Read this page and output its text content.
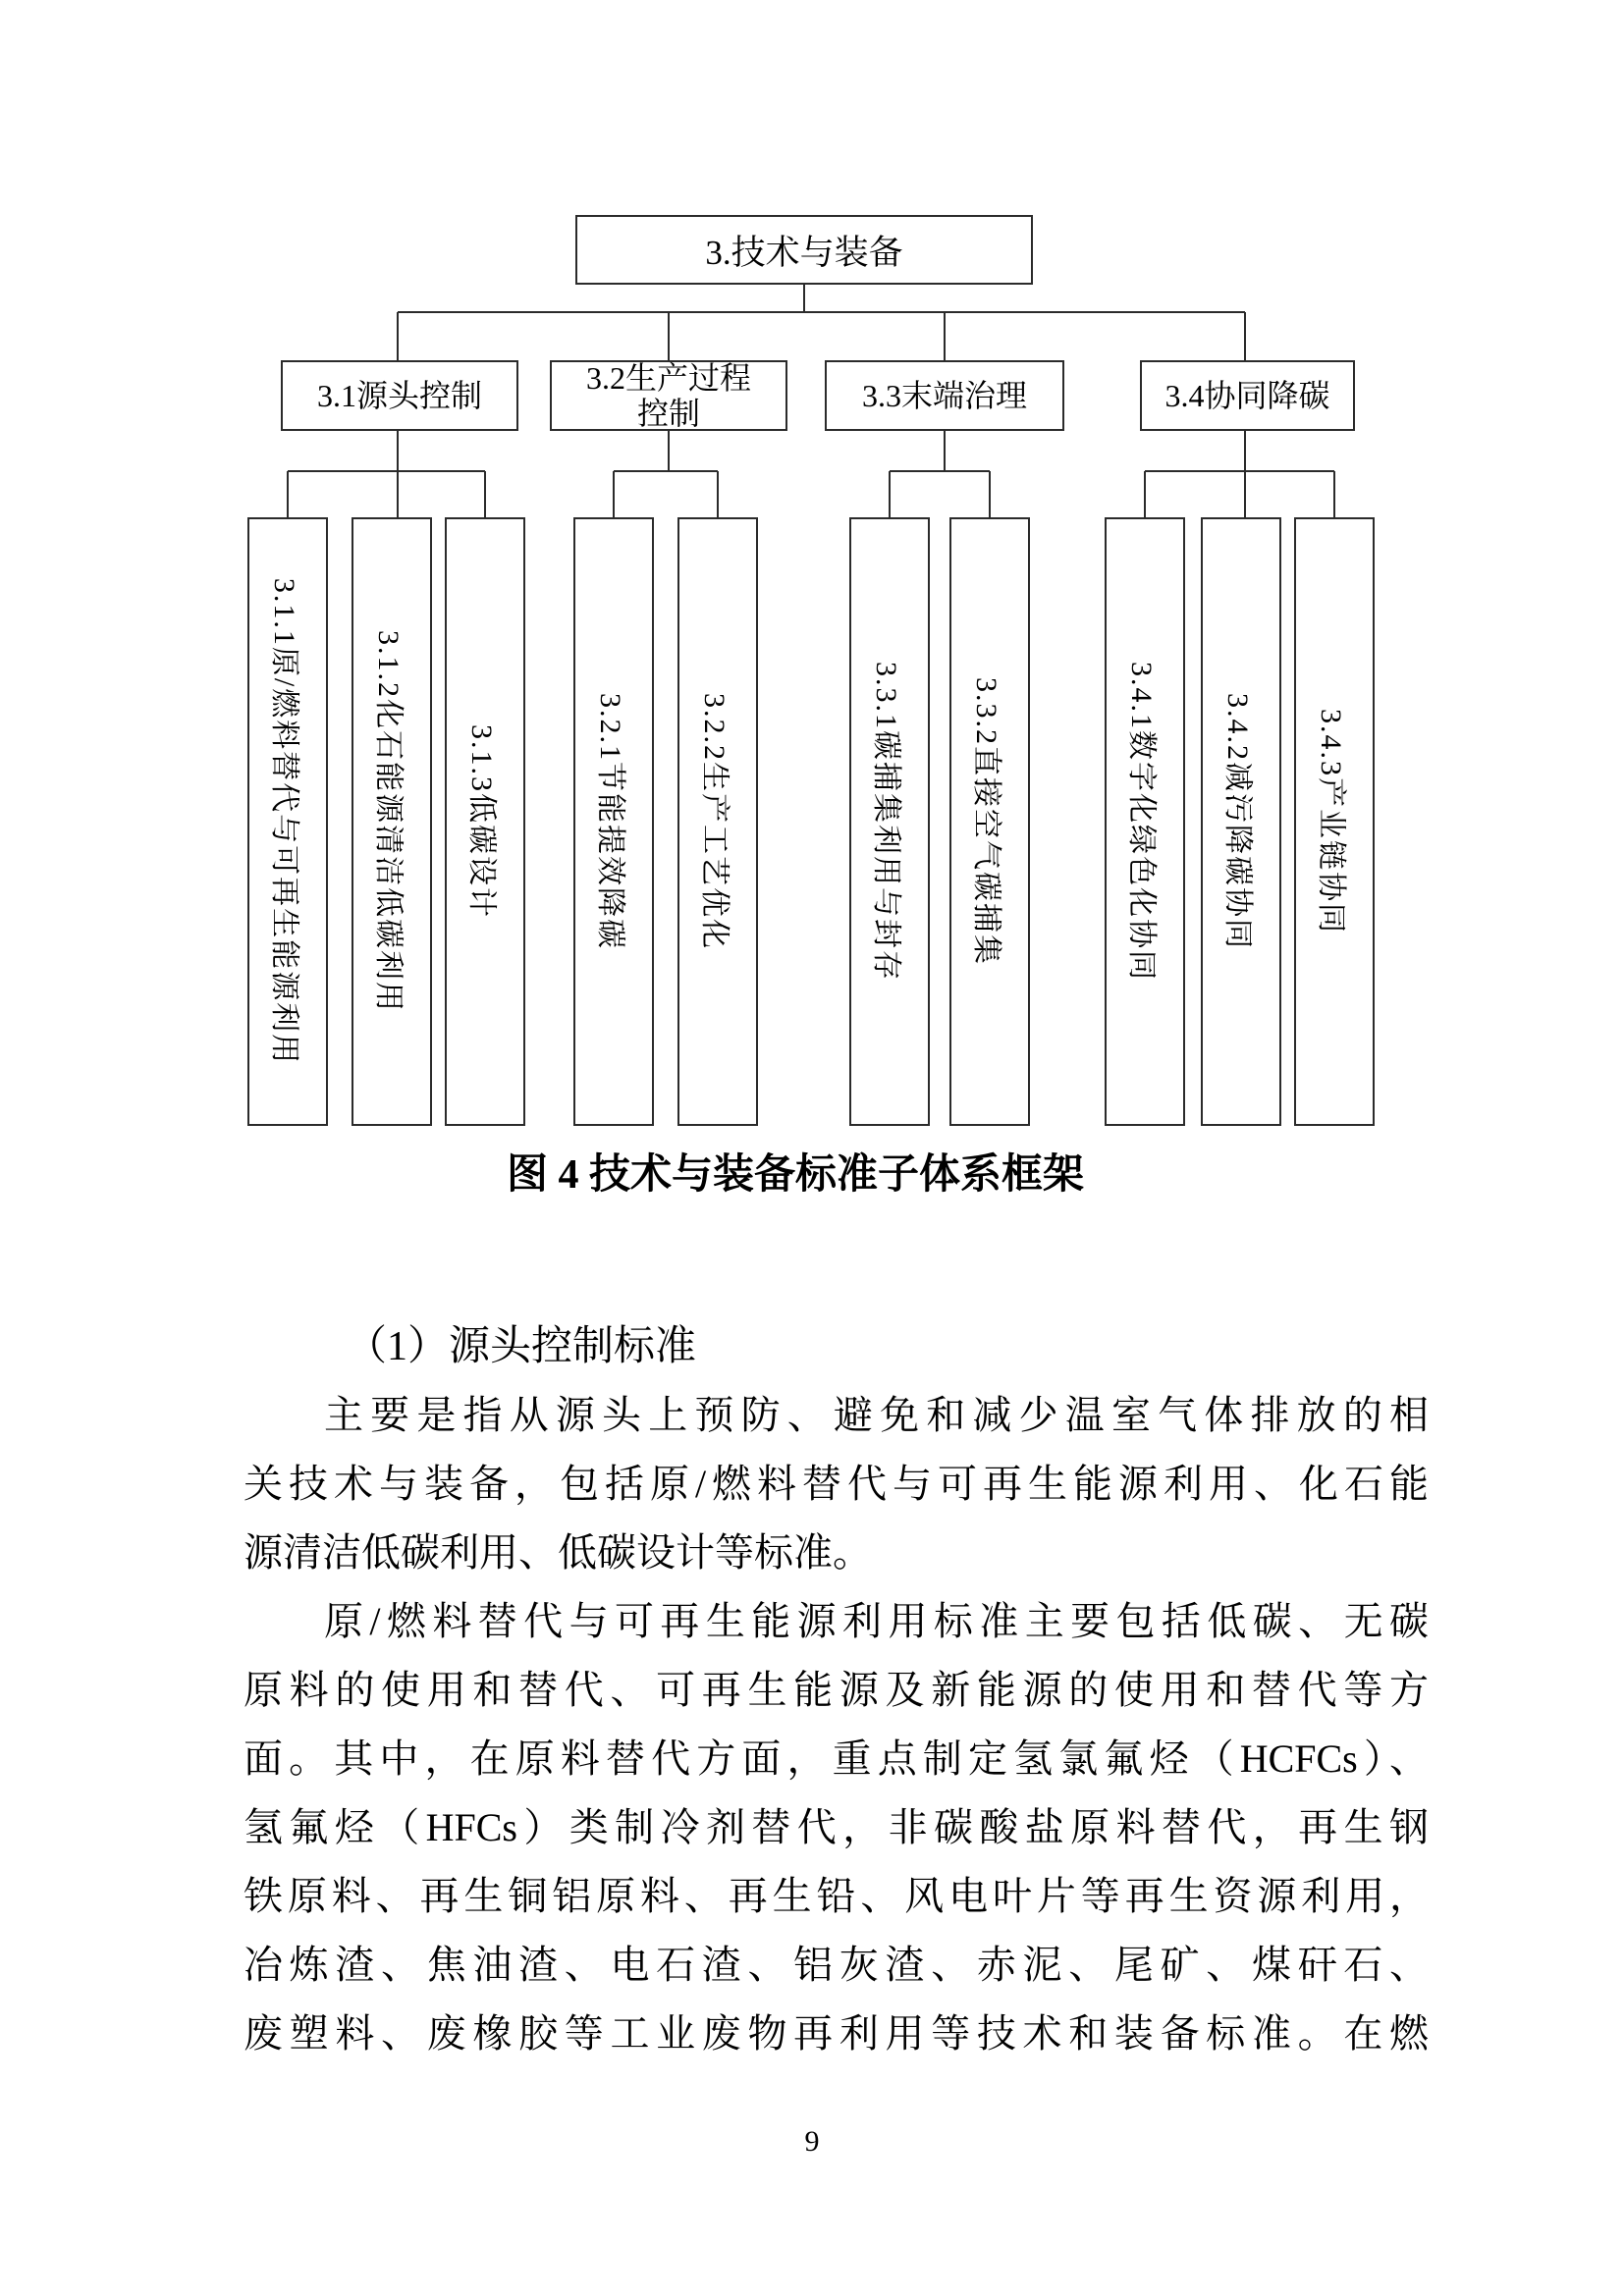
3.技术与装备
3.1源头控制	3.2生产过程
控制	3.3末端治理	3.4协同降碳
3.1.1原/燃料替代与可再生能源利用	3.1.2化石能源清洁低碳利用	3.1.3低碳设计	3.2.1节能提效降碳	3.2.2生产工艺优化	3.3.1碳捕集利用与封存	3.3.2直接空气碳捕集	3.4.1数字化绿色化协同	3.4.2减污降碳协同	3.4.3产业链协同
图 4 技术与装备标准子体系框架
（1）源头控制标准
主要是指从源头上预防、避免和减少温室气体排放的相
关技术与装备，包括原/燃料替代与可再生能源利用、化石能
源清洁低碳利用、低碳设计等标准。
原/燃料替代与可再生能源利用标准主要包括低碳、无碳
原料的使用和替代、可再生能源及新能源的使用和替代等方
面。其中，在原料替代方面，重点制定氢氯氟烃（HCFCs）、
氢氟烃（HFCs）类制冷剂替代，非碳酸盐原料替代，再生钢
铁原料、再生铜铝原料、再生铅、风电叶片等再生资源利用，
冶炼渣、焦油渣、电石渣、铝灰渣、赤泥、尾矿、煤矸石、
废塑料、废橡胶等工业废物再利用等技术和装备标准。在燃
9
